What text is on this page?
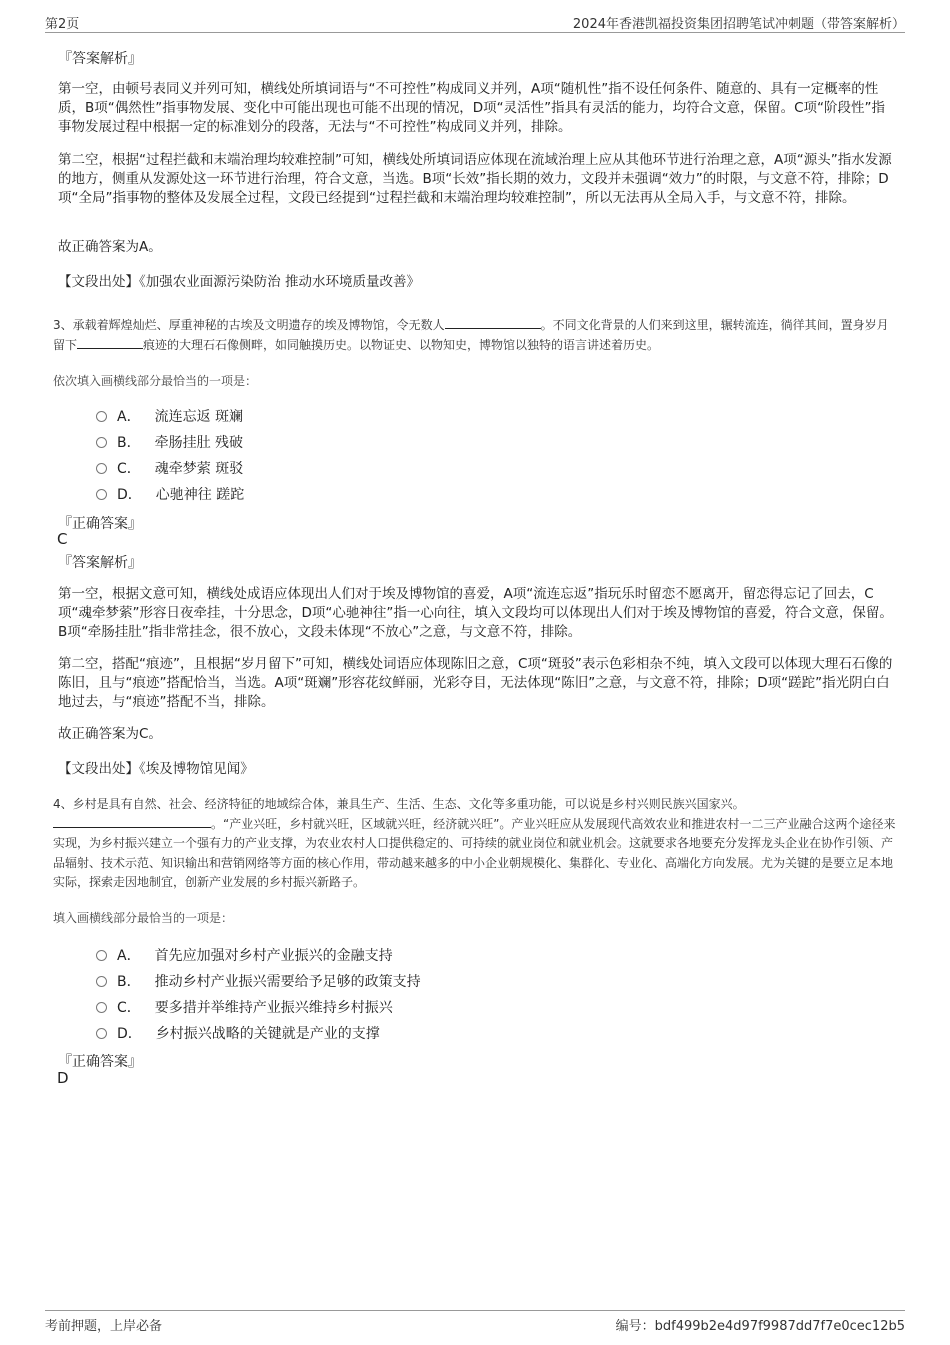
第2页	2024年香港凯福投资集团招聘笔试冲刺题（带答案解析）
『答案解析』
第一空，由顿号表同义并列可知，横线处所填词语与“不可控性”构成同义并列，A项“随机性”指不设任何条件、随意的、具有一定概率的性质，B项“偶然性”指事物发展、变化中可能出现也可能不出现的情况，D项“灵活性”指具有灵活的能力，均符合文意，保留。C项“阶段性”指事物发展过程中根据一定的标准划分的段落，无法与“不可控性”构成同义并列，排除。
第二空，根据“过程拦截和末端治理均较难控制”可知，横线处所填词语应体现在流域治理上应从其他环节进行治理之意，A项“源头”指水发源的地方，侧重从发源处这一环节进行治理，符合文意，当选。B项“长效”指长期的效力，文段并未强调“效力”的时限，与文意不符，排除；D项“全局”指事物的整体及发展全过程，文段已经提到“过程拦截和末端治理均较难控制”，所以无法再从全局入手，与文意不符，排除。
故正确答案为A。
【文段出处】《加强农业面源污染防治 推动水环境质量改善》
3、承载着辉煌灿烂、厚重神秘的古埃及文明遗存的埃及博物馆，令无数人	。不同文化背景的人们来到这里，辗转流连，徜徉其间，置身岁月留下	痕迹的大理石石像侧畔，如同触摸历史。以物证史、以物知史，博物馆以独特的语言讲述着历史。
依次填入画横线部分最恰当的一项是：
A． 流连忘返 斑斓
B． 牵肠挂肚 残破
C． 魂牵梦萦 斑驳
D． 心驰神往 蹉跎
『正确答案』
C
『答案解析』
第一空，根据文意可知，横线处成语应体现出人们对于埃及博物馆的喜爱，A项“流连忘返”指玩乐时留恋不愿离开，留恋得忘记了回去，C项“魂牵梦萦”形容日夜牵挂，十分思念，D项“心驰神往”指一心向往，填入文段均可以体现出人们对于埃及博物馆的喜爱，符合文意，保留。B项“牵肠挂肚”指非常挂念，很不放心，文段未体现“不放心”之意，与文意不符，排除。
第二空，搭配“痕迹”，且根据“岁月留下”可知，横线处词语应体现陈旧之意，C项“斑驳”表示色彩相杂不纯，填入文段可以体现大理石石像的陈旧，且与“痕迹”搭配恰当，当选。A项“斑斓”形容花纹鲜丽，光彩夺目，无法体现“陈旧”之意，与文意不符，排除；D项“蹉跎”指光阴白白地过去，与“痕迹”搭配不当，排除。
故正确答案为C。
【文段出处】《埃及博物馆见闻》
4、乡村是具有自然、社会、经济特征的地域综合体，兼具生产、生活、生态、文化等多重功能，可以说是乡村兴则民族兴国家兴。
。“产业兴旺，乡村就兴旺，区域就兴旺，经济就兴旺”。产业兴旺应从发展现代高效农业和推进农村一二三产业融合这两个途径来实现，为乡村振兴建立一个强有力的产业支撑，为农业农村人口提供稳定的、可持续的就业岗位和就业机会。这就要求各地要充分发挥龙头企业在协作引领、产品辐射、技术示范、知识输出和营销网络等方面的核心作用，带动越来越多的中小企业朝规模化、集群化、专业化、高端化方向发展。尤为关键的是要立足本地实际，探索走因地制宜，创新产业发展的乡村振兴新路子。
填入画横线部分最恰当的一项是：
A． 首先应加强对乡村产业振兴的金融支持
B． 推动乡村产业振兴需要给予足够的政策支持
C． 要多措并举维持产业振兴维持乡村振兴
D． 乡村振兴战略的关键就是产业的支撑
『正确答案』
D
考前押题，上岸必备	编号：bdf499b2e4d97f9987dd7f7e0cec12b5
